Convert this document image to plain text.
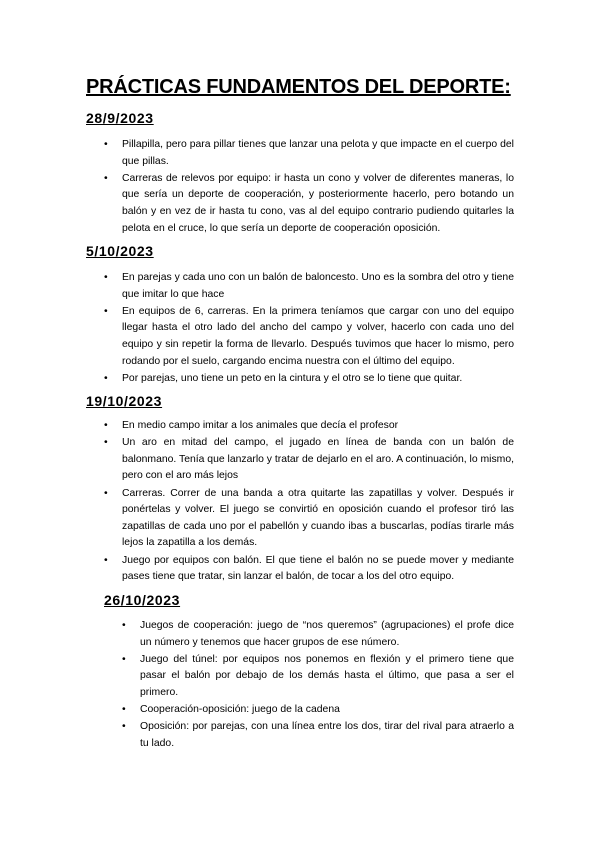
PRÁCTICAS FUNDAMENTOS DEL DEPORTE:
28/9/2023
• Pillapilla, pero para pillar tienes que lanzar una pelota y que impacte en el cuerpo del que pillas.
• Carreras de relevos por equipo: ir hasta un cono y volver de diferentes maneras, lo que sería un deporte de cooperación, y posteriormente hacerlo, pero botando un balón y en vez de ir hasta tu cono, vas al del equipo contrario pudiendo quitarles la pelota en el cruce, lo que sería un deporte de cooperación oposición.
5/10/2023
• En parejas y cada uno con un balón de baloncesto. Uno es la sombra del otro y tiene que imitar lo que hace
• En equipos de 6, carreras. En la primera teníamos que cargar con uno del equipo llegar hasta el otro lado del ancho del campo y volver, hacerlo con cada uno del equipo y sin repetir la forma de llevarlo. Después tuvimos que hacer lo mismo, pero rodando por el suelo, cargando encima nuestra con el último del equipo.
• Por parejas, uno tiene un peto en la cintura y el otro se lo tiene que quitar.
19/10/2023
• En medio campo imitar a los animales que decía el profesor
• Un aro en mitad del campo, el jugado en línea de banda con un balón de balonmano. Tenía que lanzarlo y tratar de dejarlo en el aro. A continuación, lo mismo, pero con el aro más lejos
• Carreras. Correr de una banda a otra quitarte las zapatillas y volver. Después ir ponértelas y volver. El juego se convirtió en oposición cuando el profesor tiró las zapatillas de cada uno por el pabellón y cuando ibas a buscarlas, podías tirarle más lejos la zapatilla a los demás.
• Juego por equipos con balón. El que tiene el balón no se puede mover y mediante pases tiene que tratar, sin lanzar el balón, de tocar a los del otro equipo.
26/10/2023
• Juegos de cooperación: juego de “nos queremos” (agrupaciones) el profe dice un número y tenemos que hacer grupos de ese número.
• Juego del túnel: por equipos nos ponemos en flexión y el primero tiene que pasar el balón por debajo de los demás hasta el último, que pasa a ser el primero.
• Cooperación-oposición: juego de la cadena
• Oposición: por parejas, con una línea entre los dos, tirar del rival para atraerlo a tu lado.
